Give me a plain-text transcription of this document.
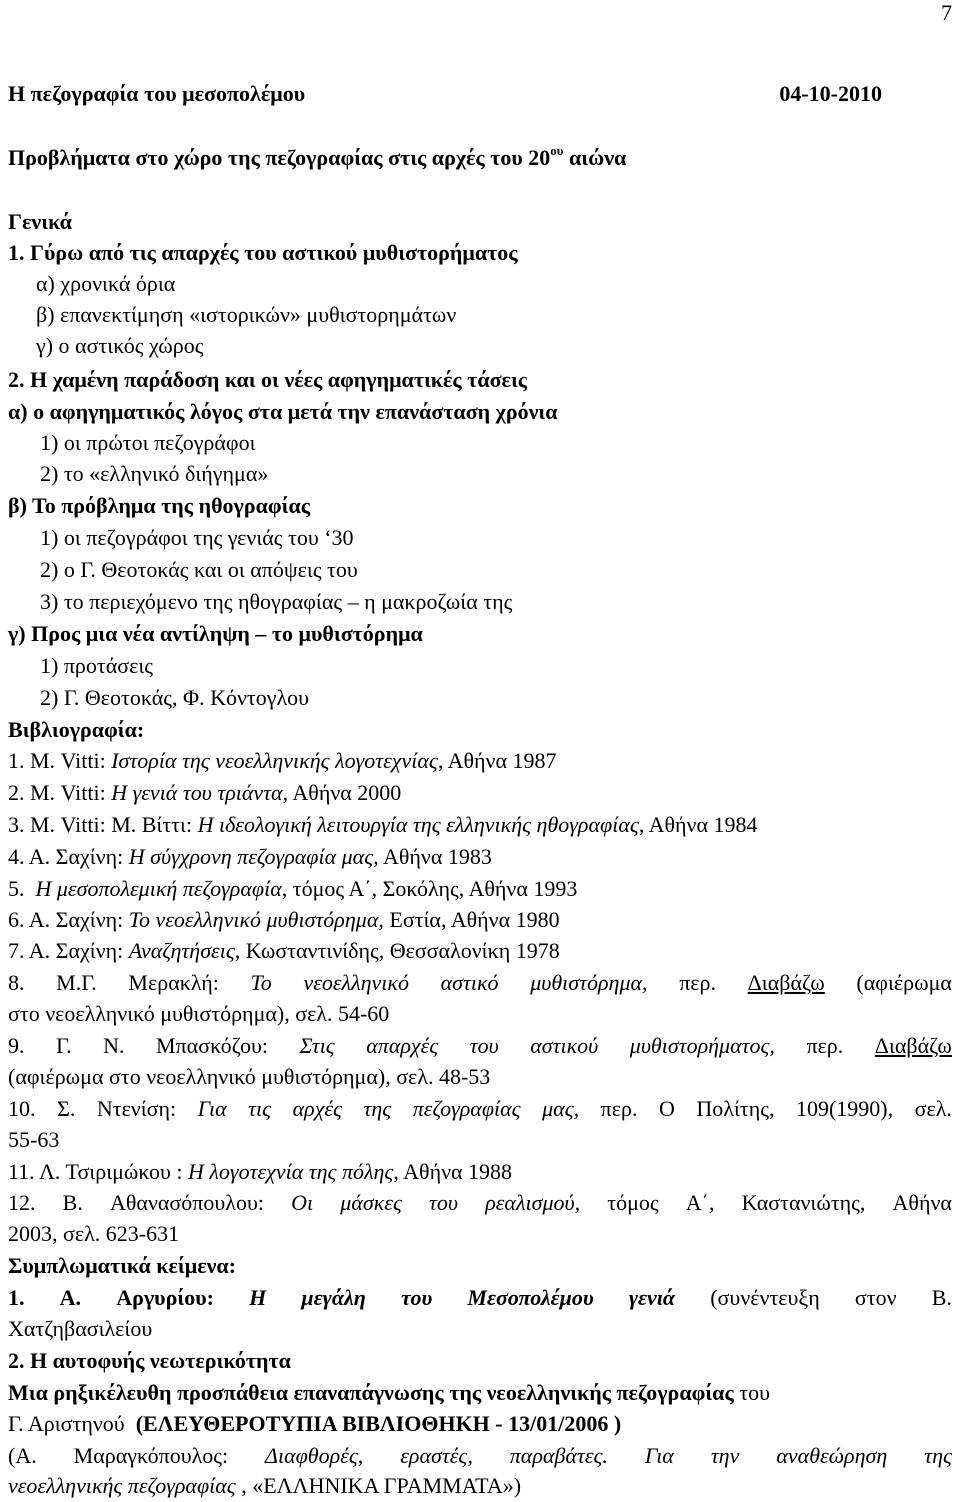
7
Η πεζογραφία του μεσοπολέμου	04-10-2010
Προβλήματα στο χώρο της πεζογραφίας στις αρχές του $20^{o\upsilon}$ αιώνα
Γενικά
1. Γύρω από τις απαρχές του αστικού μυθιστορήματος
α) χρονικά όρια
β) επανεκτίμηση «ιστορικών» μυθιστορημάτων
γ) ο αστικός χώρος
2. Η χαμένη παράδοση και οι νέες αφηγηματικές τάσεις
α) ο αφηγηματικός λόγος στα μετά την επανάσταση χρόνια
1) οι πρώτοι πεζογράφοι
2) το «ελληνικό διήγημα»
β) Το πρόβλημα της ηθογραφίας
1) οι πεζογράφοι της γενιάς του ‘30
2) ο Γ. Θεοτοκάς και οι απόψεις του
3) το περιεχόμενο της ηθογραφίας – η μακροζωία της
γ) Προς μια νέα αντίληψη – το μυθιστόρημα
1) προτάσεις
2) Γ. Θεοτοκάς, Φ. Κόντογλου
Βιβλιογραφία:
1. Μ. Vitti: Ιστορία της νεοελληνικής λογοτεχνίας, Αθήνα 1987
2. Μ. Vitti: Η γενιά του τριάντα, Αθήνα 2000
3. Μ. Vitti: Μ. Βίττι: Η ιδεολογική λειτουργία της ελληνικής ηθογραφίας, Αθήνα 1984
4. Α. Σαχίνη: Η σύγχρονη πεζογραφία μας, Αθήνα 1983
5.  Η μεσοπολεμική πεζογραφία, τόμος Α΄, Σοκόλης, Αθήνα 1993
6. Α. Σαχίνη: Το νεοελληνικό μυθιστόρημα, Εστία, Αθήνα 1980
7. Α. Σαχίνη: Αναζητήσεις, Κωσταντινίδης, Θεσσαλονίκη 1978
8. Μ.Γ. Μερακλή: Το νεοελληνικό αστικό μυθιστόρημα, περ. Διαβάζω (αφιέρωμα
στο νεοελληνικό μυθιστόρημα), σελ. 54-60
9. Γ. Ν. Μπασκόζου: Στις απαρχές του αστικού μυθιστορήματος, περ. Διαβάζω
(αφιέρωμα στο νεοελληνικό μυθιστόρημα), σελ. 48-53
10. Σ. Ντενίση: Για τις αρχές της πεζογραφίας μας, περ. Ο Πολίτης, 109(1990), σελ.
55-63
11. Λ. Τσιριμώκου : Η λογοτεχνία της πόλης, Αθήνα 1988
12. Β. Αθανασόπουλου: Οι μάσκες του ρεαλισμού, τόμος Α΄, Καστανιώτης, Αθήνα
2003, σελ. 623-631
Συμπλωματικά κείμενα:
1. Α. Αργυρίου: Η μεγάλη του Μεσοπολέμου γενιά (συνέντευξη στον Β.
Χατζηβασιλείου
2. Η αυτοφυής νεωτερικότητα
Μια ρηξικέλευθη προσπάθεια επαναπάγνωσης της νεοελληνικής πεζογραφίας του
Γ. Αριστηνού  (ΕΛΕΥΘΕΡΟΤΥΠΙΑ ΒΙΒΛΙΟΘΗΚΗ - 13/01/2006 )
(Α. Μαραγκόπουλος: Διαφθορές, εραστές, παραβάτες. Για την αναθεώρηση της
νεοελληνικής πεζογραφίας , «ΕΛΛΗΝΙΚΑ ΓΡΑΜΜΑΤΑ»)
